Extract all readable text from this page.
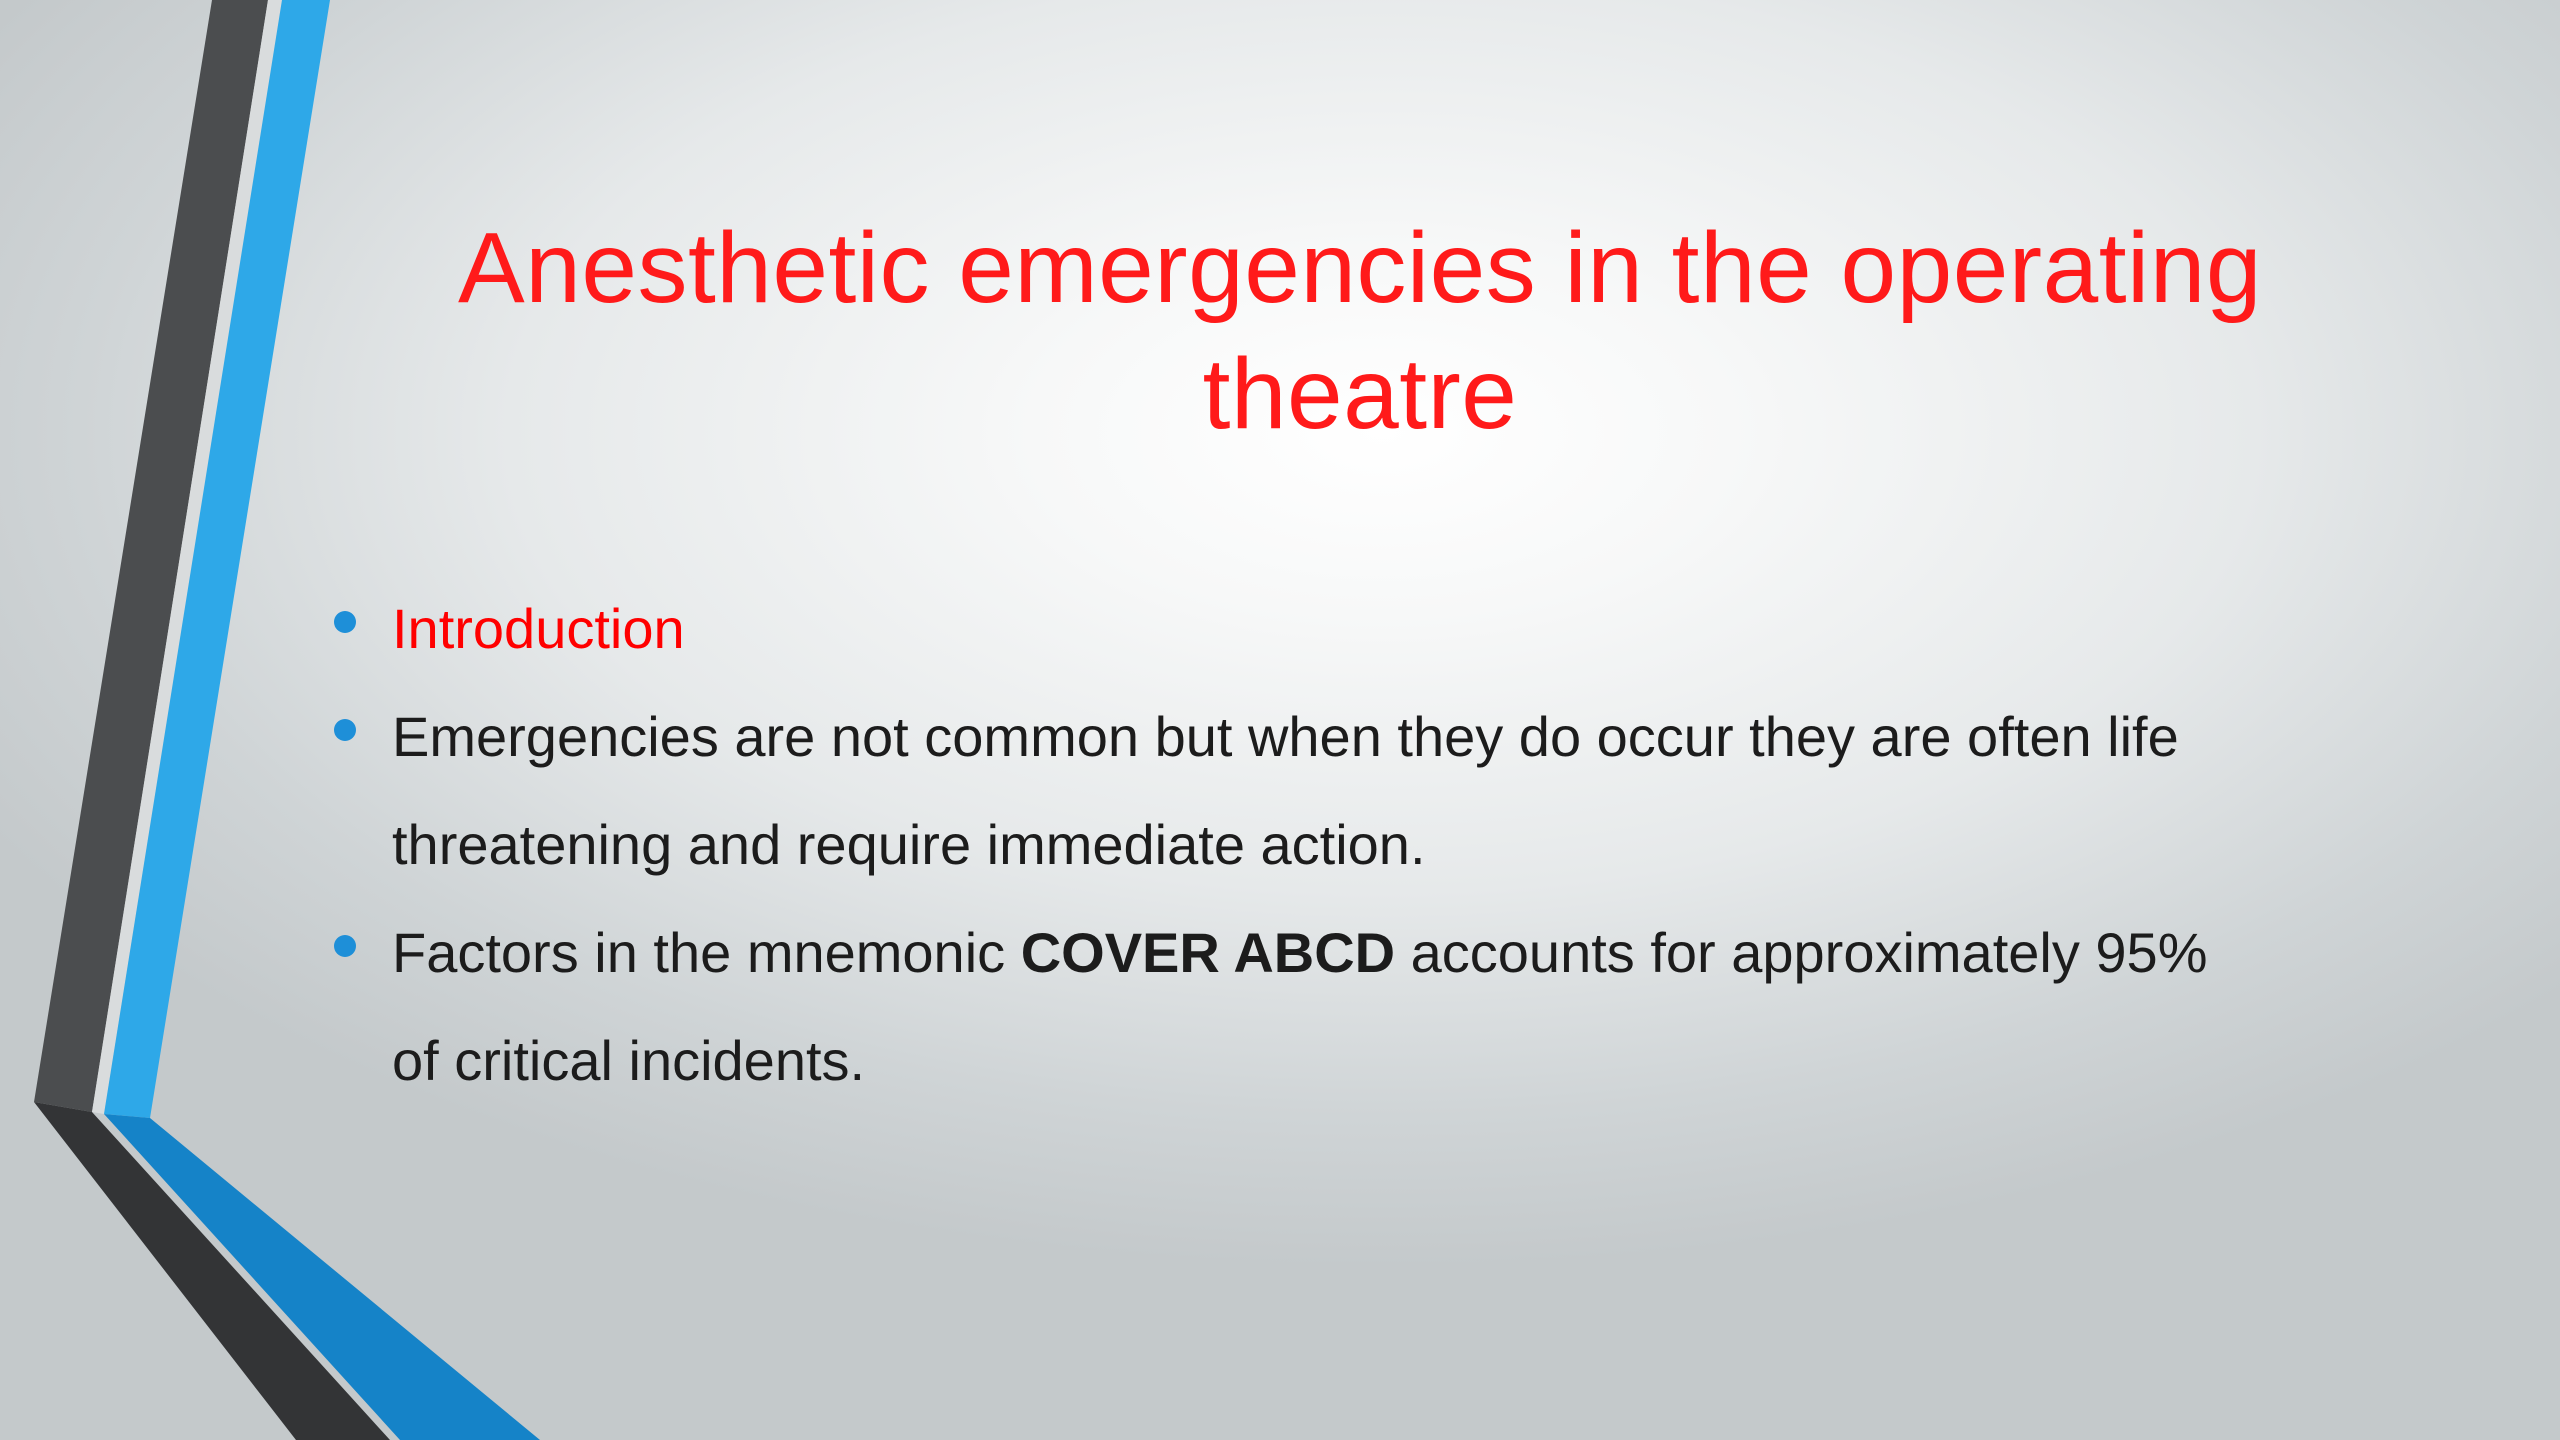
Anesthetic emergencies in the operating theatre
Introduction
Emergencies are not common but when they do occur they are often life threatening and require immediate action.
Factors in the mnemonic COVER ABCD accounts for approximately 95% of critical incidents.
